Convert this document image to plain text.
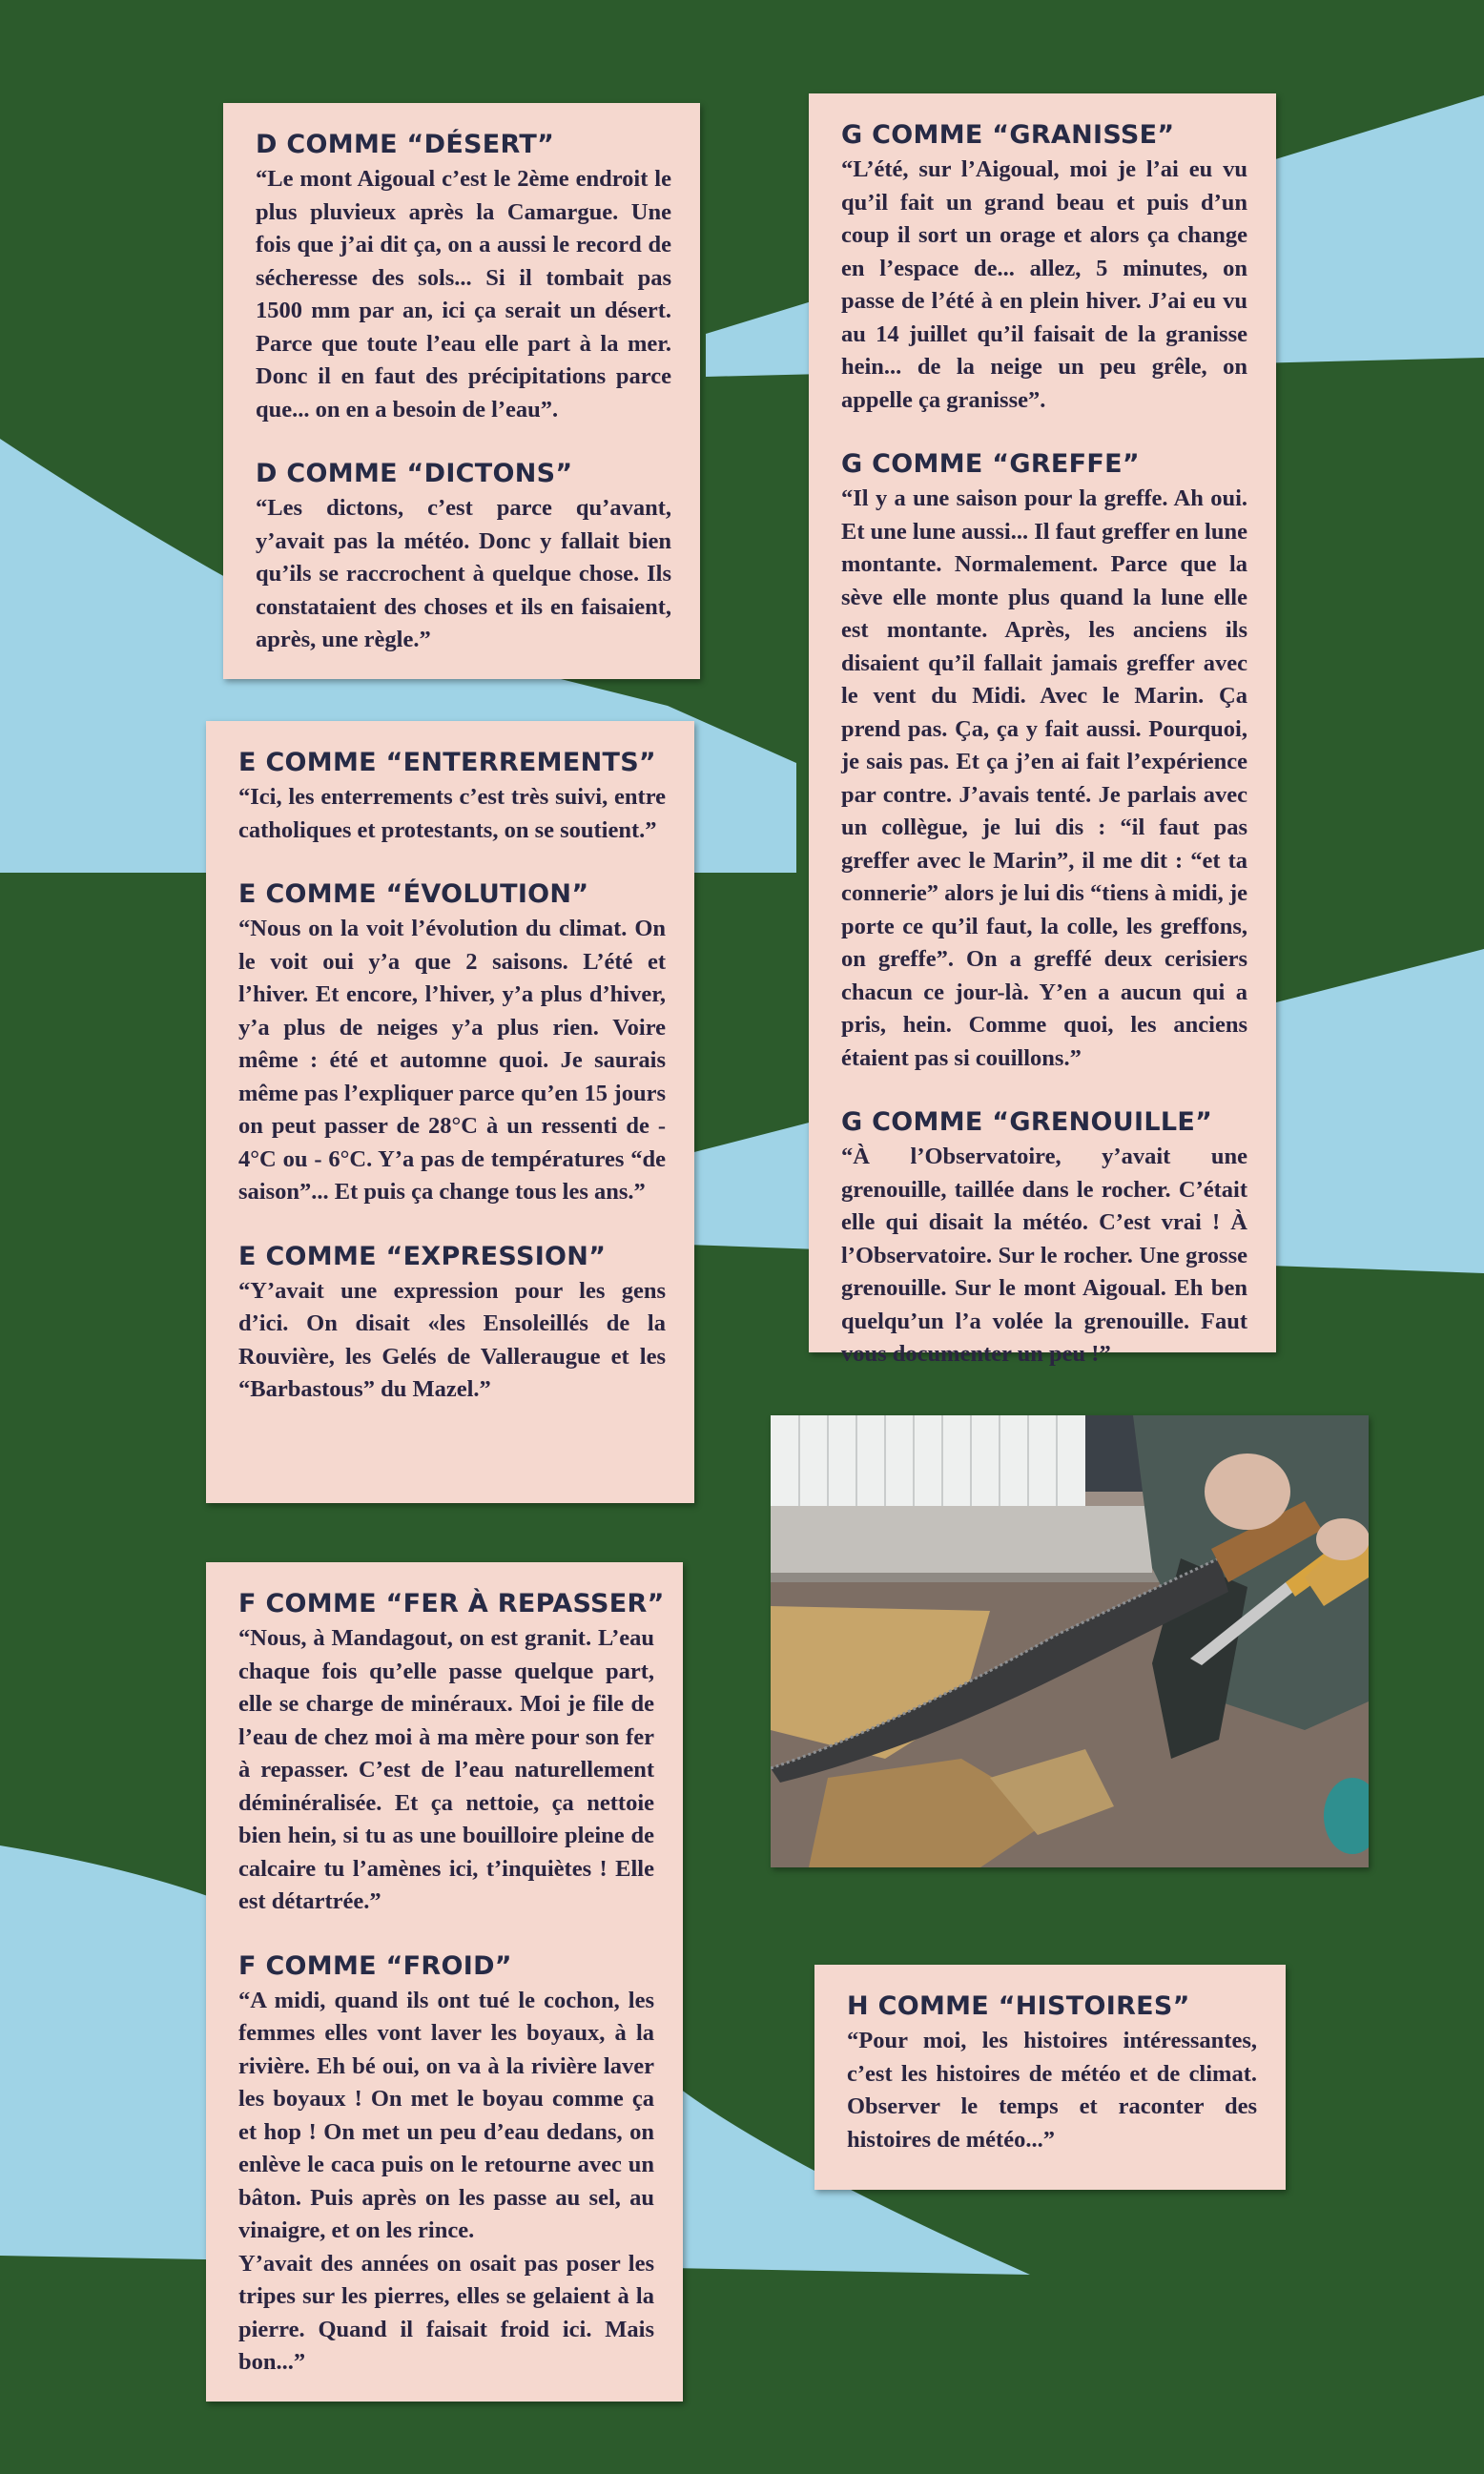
D COMME “DÉSERT”

“Le mont Aigoual c’est le 2ème endroit le plus pluvieux après la Camargue. Une fois que j’ai dit ça, on a aussi le record de sécheresse des sols... Si il tombait pas 1500 mm par an, ici ça serait un désert. Parce que toute l’eau elle part à la mer. Donc il en faut des précipitations parce que... on en a besoin de l’eau”.

D COMME “DICTONS”

“Les dictons, c’est parce qu’avant, y’avait pas la météo. Donc y fallait bien qu’ils se raccrochent à quelque chose. Ils constataient des choses et ils en faisaient, après, une règle.”

G COMME “GRANISSE”

“L’été, sur l’Aigoual, moi je l’ai eu vu qu’il fait un grand beau et puis d’un coup il sort un orage et alors ça change en l’espace de... allez, 5 minutes, on passe de l’été à en plein hiver. J’ai eu vu au 14 juillet qu’il faisait de la granisse hein... de la neige un peu grêle, on appelle ça granisse”.

G COMME “GREFFE”

“Il y a une saison pour la greffe. Ah oui. Et une lune aussi... Il faut greffer en lune montante. Normalement. Parce que la sève elle monte plus quand la lune elle est montante. Après, les anciens ils disaient qu’il fallait jamais greffer avec le vent du Midi. Avec le Marin. Ça prend pas. Ça, ça y fait aussi. Pourquoi, je sais pas. Et ça j’en ai fait l’expérience par contre. J’avais tenté. Je parlais avec un collègue, je lui dis : “il faut pas greffer avec le Marin”, il me dit : “et ta connerie” alors je lui dis “tiens à midi, je porte ce qu’il faut, la colle, les greffons, on greffe”. On a greffé deux cerisiers chacun ce jour-là. Y’en a aucun qui a pris, hein. Comme quoi, les anciens étaient pas si couillons.”

G COMME “GRENOUILLE”

“À l’Observatoire, y’avait une grenouille, taillée dans le rocher. C’était elle qui disait la météo. C’est vrai ! À l’Observatoire. Sur le rocher. Une grosse grenouille. Sur le mont Aigoual. Eh ben quelqu’un l’a volée la grenouille. Faut vous documenter un peu !”

E COMME “ENTERREMENTS”

“Ici, les enterrements c’est très suivi, entre catholiques et protestants, on se soutient.”

E COMME “ÉVOLUTION”

“Nous on la voit l’évolution du climat. On le voit oui y’a que 2 saisons. L’été et l’hiver. Et encore, l’hiver, y’a plus d’hiver, y’a plus de neiges y’a plus rien. Voire même : été et automne quoi. Je saurais même pas l’expliquer parce qu’en 15 jours on peut passer de 28°C à un ressenti de - 4°C ou - 6°C. Y’a pas de températures “de saison”... Et puis ça change tous les ans.”

E COMME “EXPRESSION”

“Y’avait une expression pour les gens d’ici. On disait «les Ensoleillés de la Rouvière, les Gelés de Valleraugue et les “Barbastous” du Mazel.”

F COMME “FER À REPASSER”

“Nous, à Mandagout, on est granit. L’eau chaque fois qu’elle passe quelque part, elle se charge de minéraux. Moi je file de l’eau de chez moi à ma mère pour son fer à repasser. C’est de l’eau naturellement déminéralisée. Et ça nettoie, ça nettoie bien hein, si tu as une bouilloire pleine de calcaire tu l’amènes ici, t’inquiètes ! Elle est détartrée.”

F COMME “FROID”

“A midi, quand ils ont tué le cochon, les femmes elles vont laver les boyaux, à la rivière. Eh bé oui, on va à la rivière laver les boyaux ! On met le boyau comme ça et hop ! On met un peu d’eau dedans, on enlève le caca puis on le retourne avec un bâton. Puis après on les passe au sel, au vinaigre, et on les rince.
Y’avait des années on osait pas poser les tripes sur les pierres, elles se gelaient à la pierre. Quand il faisait froid ici. Mais bon...”

H COMME “HISTOIRES”

“Pour moi, les histoires intéressantes, c’est les histoires de météo et de climat. Observer le temps et raconter des histoires de météo...”
